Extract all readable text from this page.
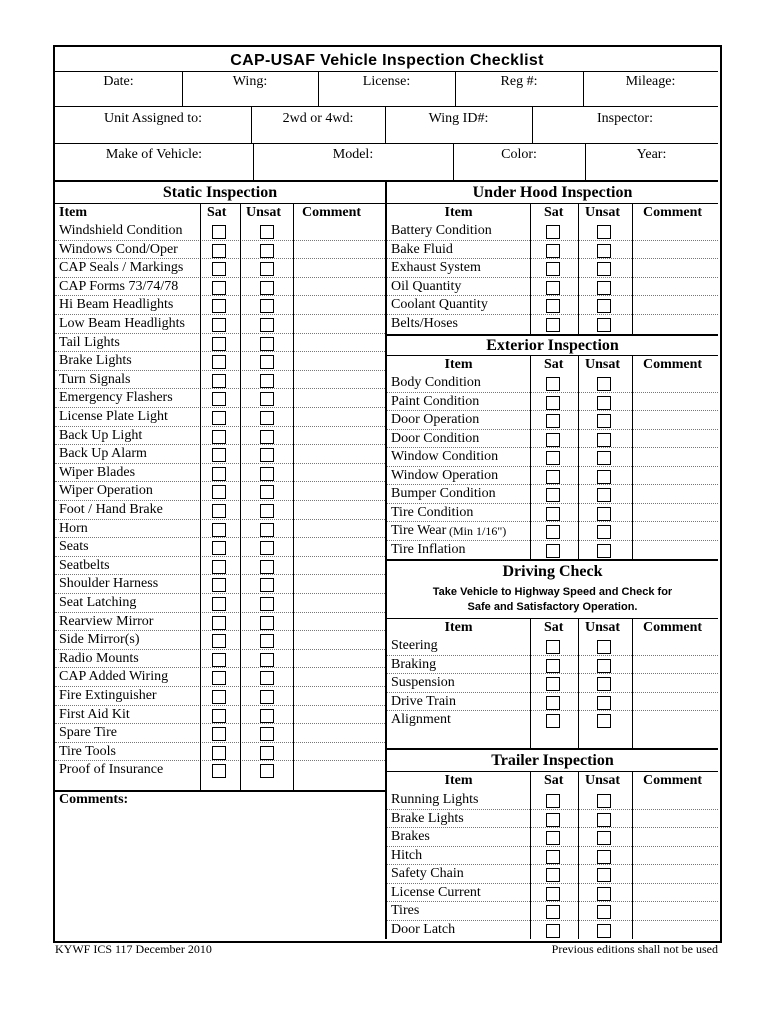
CAP-USAF Vehicle Inspection Checklist
Date:	Wing:	License:	Reg #:	Mileage:
Unit Assigned to:	2wd or 4wd:	Wing ID#:	Inspector:
Make of Vehicle:	Model:	Color:	Year:
Static Inspection
Item	Sat Unsat Comment
Windshield Condition
Windows Cond/Oper
CAP Seals / Markings
CAP Forms 73/74/78
Hi Beam Headlights
Low Beam Headlights
Tail Lights
Brake Lights
Turn Signals
Emergency Flashers
License Plate Light
Back Up Light
Back Up Alarm
Wiper Blades
Wiper Operation
Foot / Hand Brake
Horn
Seats
Seatbelts
Shoulder Harness
Seat Latching
Rearview Mirror
Side Mirror(s)
Radio Mounts
CAP Added Wiring
Fire Extinguisher
First Aid Kit
Spare Tire
Tire Tools
Proof of Insurance
Comments:
Under Hood Inspection
Item	Sat Unsat Comment
Battery Condition
Bake Fluid
Exhaust System
Oil Quantity
Coolant Quantity
Belts/Hoses
Exterior Inspection
Item	Sat Unsat Comment
Body Condition
Paint Condition
Door Operation
Door Condition
Window Condition
Window Operation
Bumper Condition
Tire Condition
Tire Wear (Min 1/16")
Tire Inflation
Driving Check
Take Vehicle to Highway Speed and Check for
Safe and Satisfactory Operation.
Item	Sat Unsat Comment
Steering
Braking
Suspension
Drive Train
Alignment
Trailer Inspection
Item	Sat Unsat Comment
Running Lights
Brake Lights
Brakes
Hitch
Safety Chain
License Current
Tires
Door Latch
KYWF ICS 117 December 2010	Previous editions shall not be used
